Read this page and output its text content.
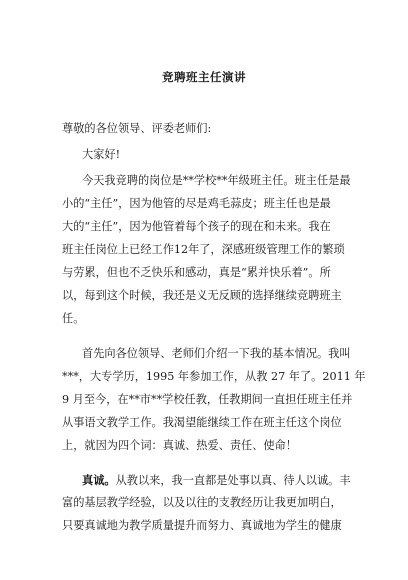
竞聘班主任演讲
尊敬的各位领导、评委老师们:
大家好!
今天我竞聘的岗位是**学校**年级班主任。班主任是最
小的“主任”，因为他管的尽是鸡毛蒜皮；班主任也是最
大的“主任”，因为他管着每个孩子的现在和未来。我在
班主任岗位上已经工作12年了，深感班级管理工作的繁琐
与劳累，但也不乏快乐和感动，真是“累并快乐着”。所
以，每到这个时候，我还是义无反顾的选择继续竞聘班主
任。
首先向各位领导、老师们介绍一下我的基本情况。我叫
***，大专学历，1995 年参加工作，从教 27 年了。2011 年
9 月至今，在**市**学校任教，任教期间一直担任班主任并
从事语文教学工作。我渴望能继续工作在班主任这个岗位
上，就因为四个词：真诚、热爱、责任、使命！
真诚。从教以来，我一直都是处事以真、待人以诚。丰
富的基层教学经验，以及以往的支教经历让我更加明白，
只要真诚地为教学质量提升而努力、真诚地为学生的健康
